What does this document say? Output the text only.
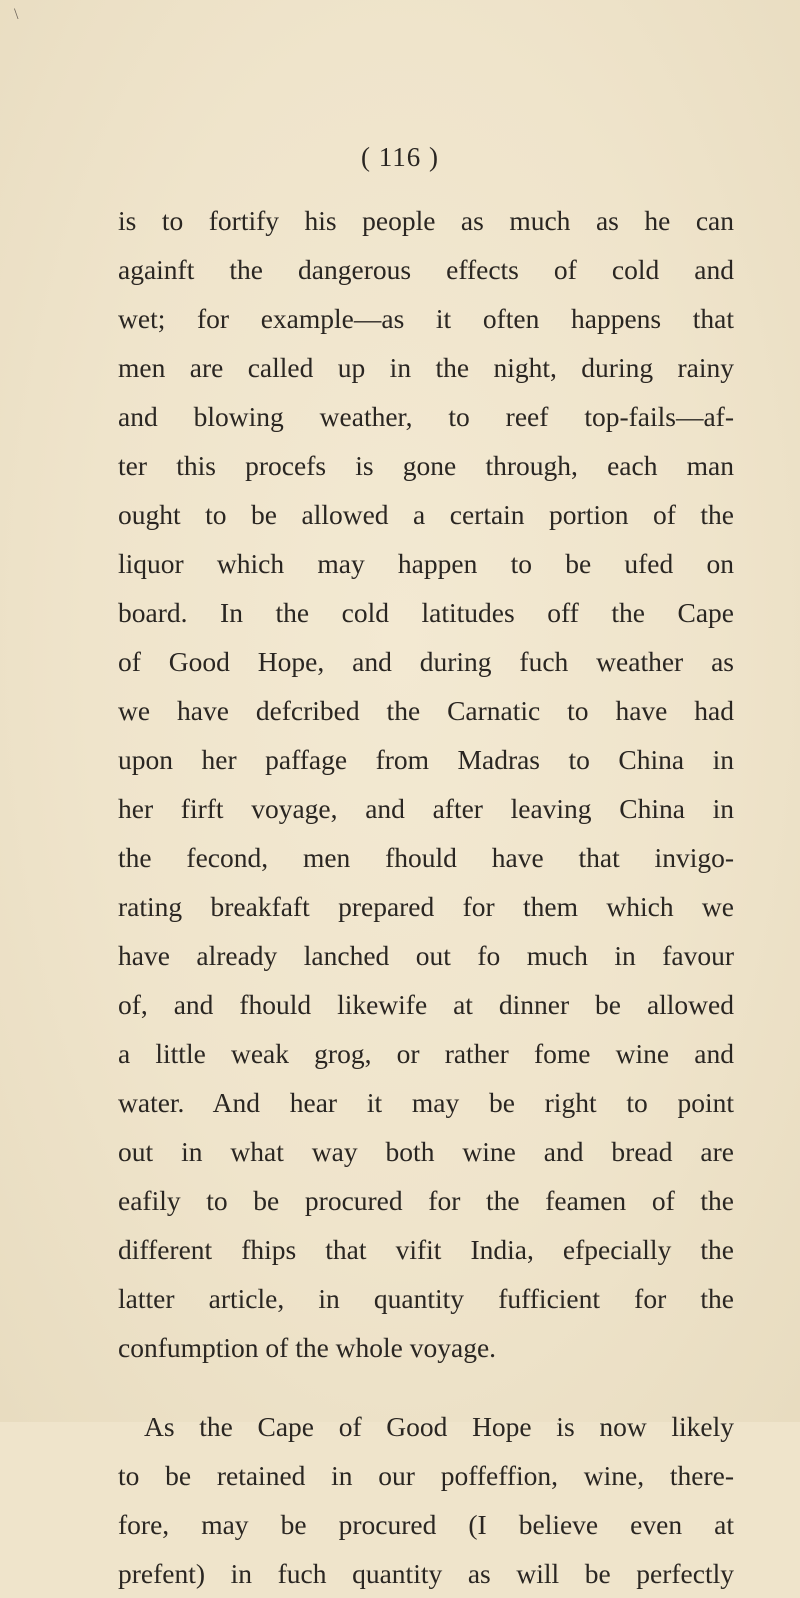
\
( 116 )
is to fortify his people as much as he can
againft the dangerous effects of cold and
wet; for example—as it often happens that
men are called up in the night, during rainy
and blowing weather, to reef top-fails—af-
ter this procefs is gone through, each man
ought to be allowed a certain portion of the
liquor which may happen to be ufed on
board. In the cold latitudes off the Cape
of Good Hope, and during fuch weather as
we have defcribed the Carnatic to have had
upon her paffage from Madras to China in
her firft voyage, and after leaving China in
the fecond, men fhould have that invigo-
rating breakfaft prepared for them which we
have already lanched out fo much in favour
of, and fhould likewife at dinner be allowed
a little weak grog, or rather fome wine and
water. And hear it may be right to point
out in what way both wine and bread are
eafily to be procured for the feamen of the
different fhips that vifit India, efpecially the
latter article, in quantity fufficient for the
confumption of the whole voyage.
As the Cape of Good Hope is now likely
to be retained in our poffeffion, wine, there-
fore, may be procured (I believe even at
prefent) in fuch quantity as will be perfectly
